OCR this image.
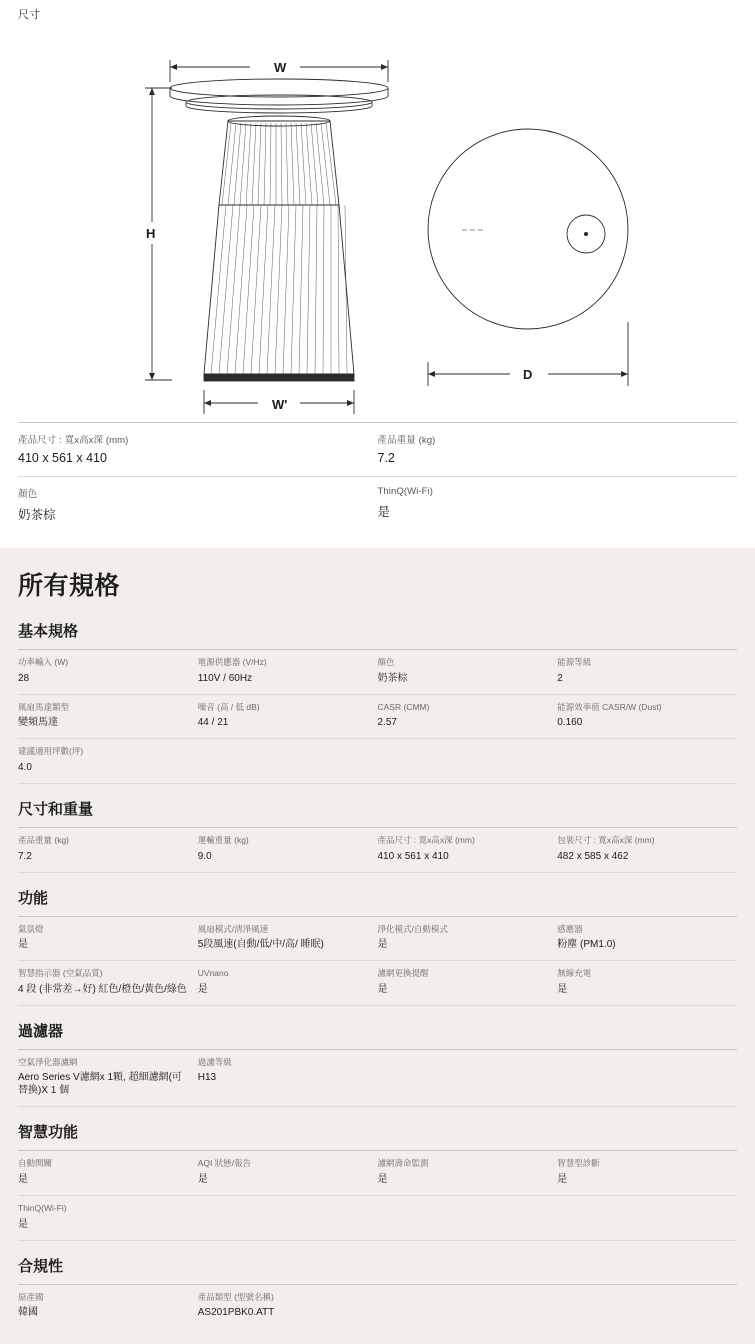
尺寸
W
H
W'
D
產品尺寸 : 寬x高x深 (mm)
410 x 561 x 410
產品重量 (kg)
7.2
顏色
奶茶棕
ThinQ(Wi-Fi)
是
所有規格
基本規格
功率輸入 (W)
28
電源供應器 (V/Hz)
110V / 60Hz
顏色
奶茶棕
能源等級
2
風扇馬達類型
變頻馬達
噪音 (高 / 低 dB)
44 / 21
CASR (CMM)
2.57
能源效率值 CASR/W (Dust)
0.160
建議適用坪數(坪)
4.0
尺寸和重量
產品重量 (kg)
7.2
運輸重量 (kg)
9.0
產品尺寸 : 寬x高x深 (mm)
410 x 561 x 410
包裝尺寸 : 寬x高x深 (mm)
482 x 585 x 462
功能
氣氛燈
是
風扇模式/清淨風速
5段風速(自動/低/中/高/ 睡眠)
淨化模式/自動模式
是
感應器
粉塵 (PM1.0)
智慧指示器 (空氣品質)
4 段 (非常差→好) 紅色/橙色/黃色/綠色
UVnano
是
濾網更換提醒
是
無線充電
是
過濾器
空氣淨化器濾網
Aero Series V濾網x 1顆, 超細濾網(可替換)X 1 個
過濾等級
H13
智慧功能
自動開關
是
AQI 狀態/報告
是
濾網壽命監測
是
智慧型診斷
是
ThinQ(Wi-Fi)
是
合規性
原產國
韓國
產品類型 (型號名稱)
AS201PBK0.ATT
